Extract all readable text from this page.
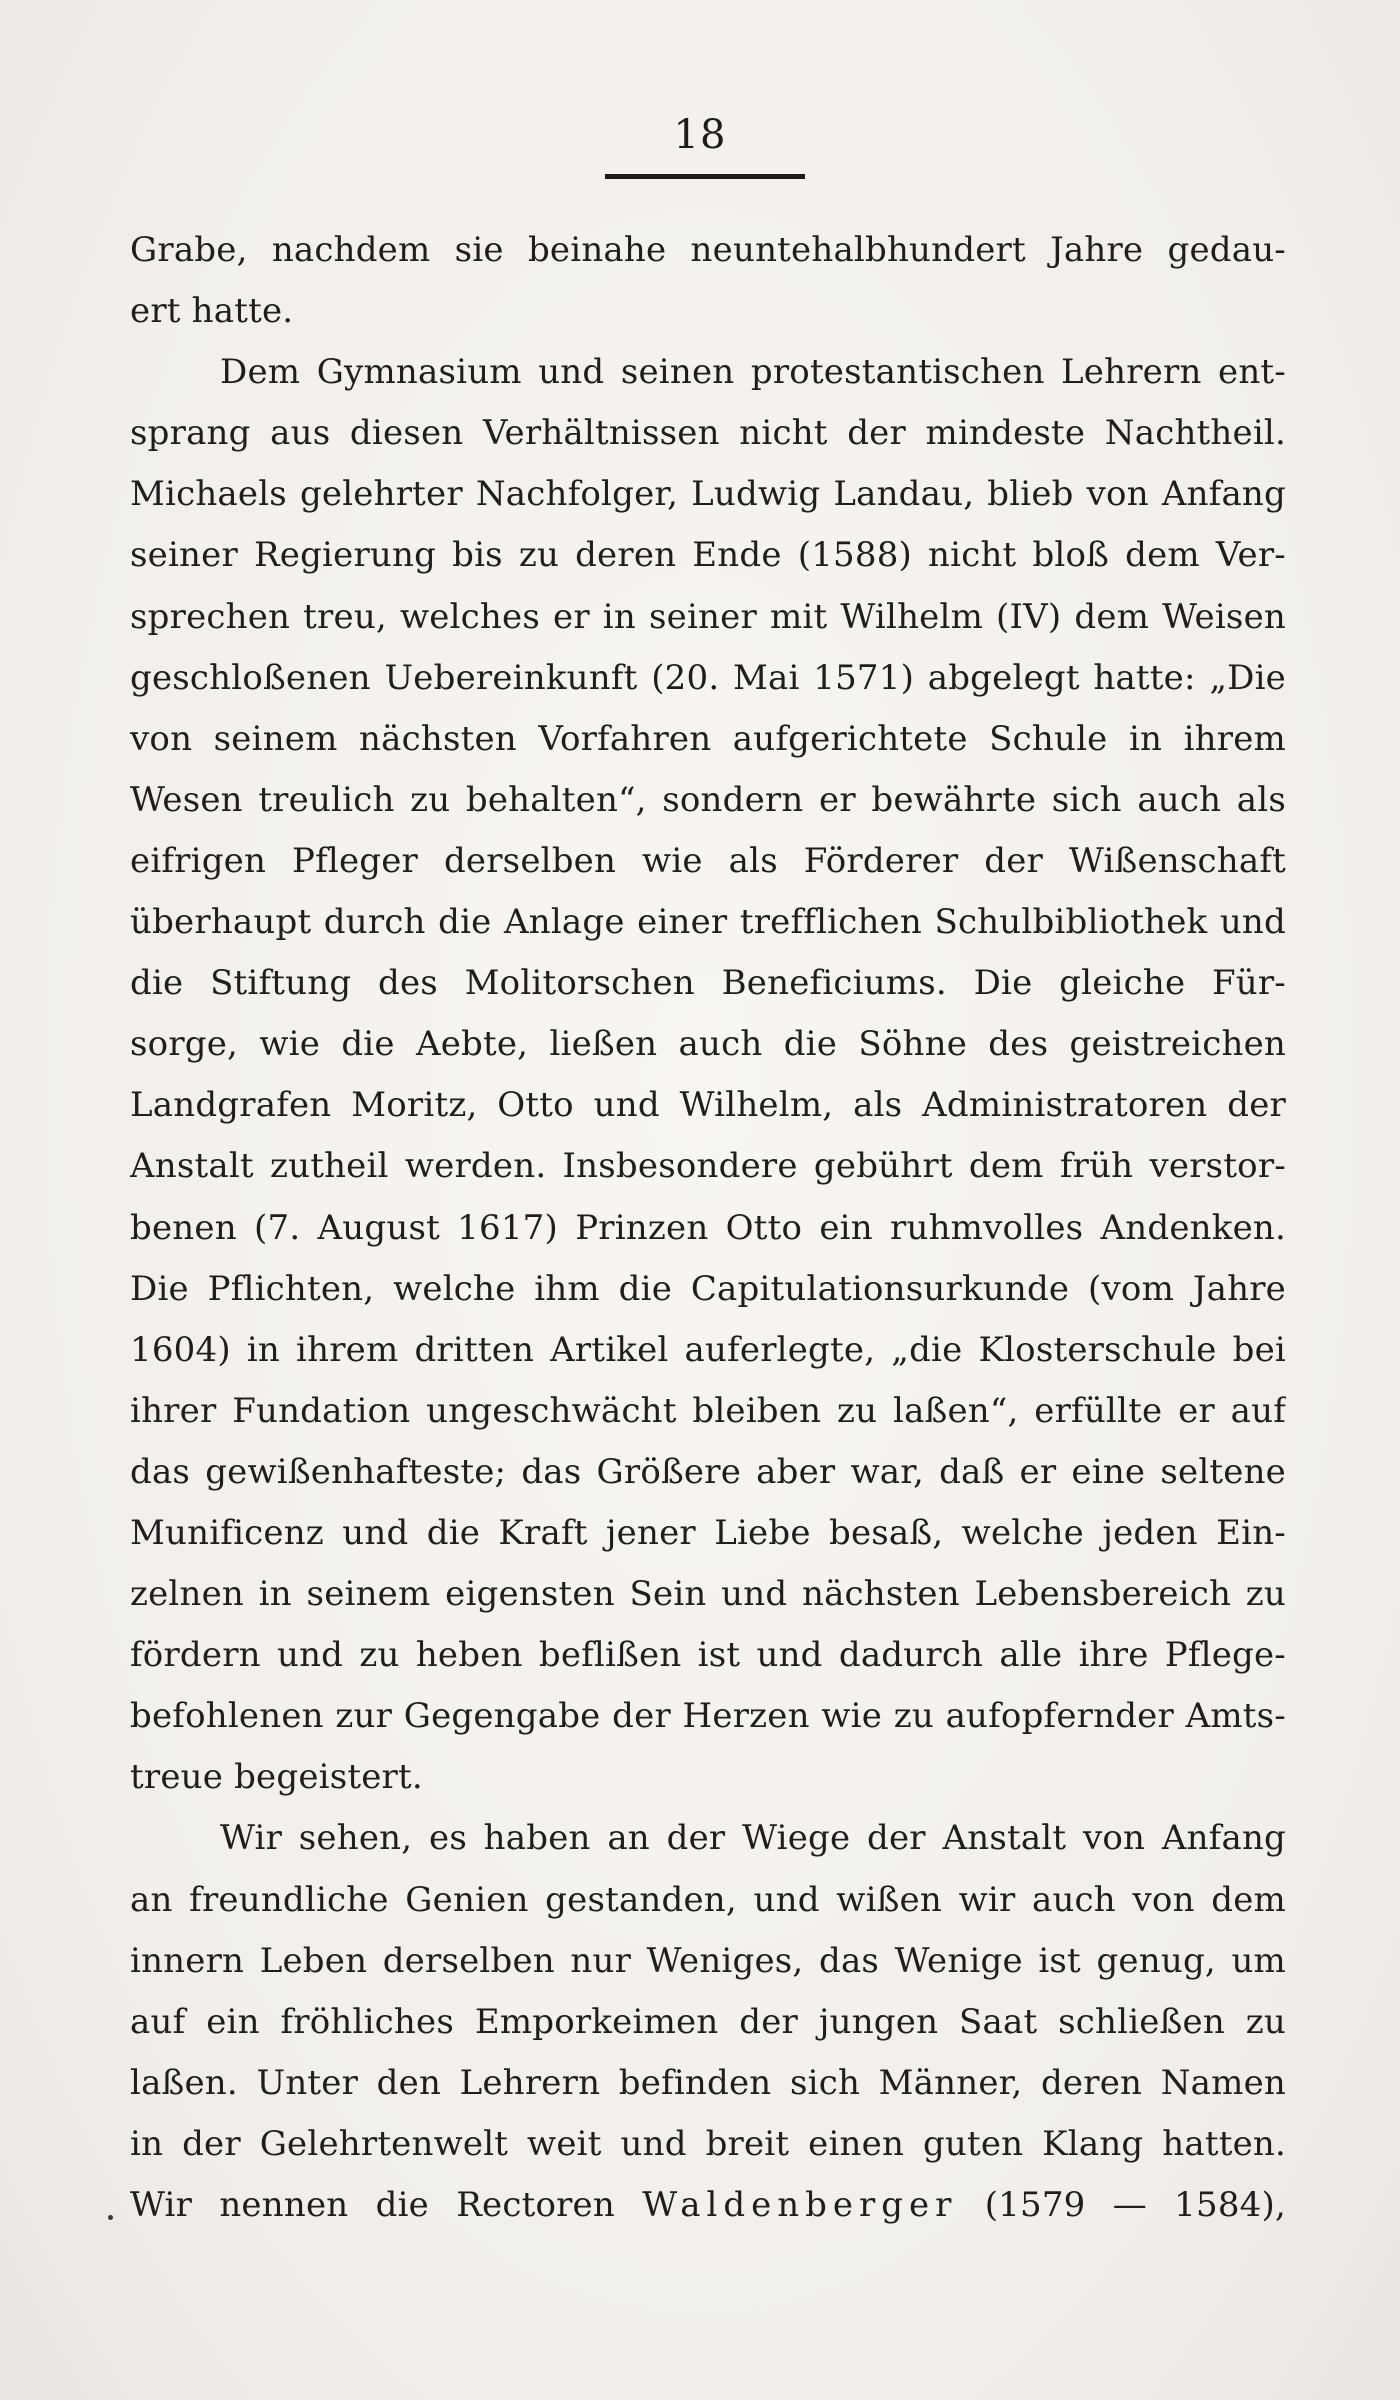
18
Grabe, nachdem sie beinahe neuntehalbhundert Jahre gedau-
ert hatte.
Dem Gymnasium und seinen protestantischen Lehrern ent-
sprang aus diesen Verhältnissen nicht der mindeste Nachtheil.
Michaels gelehrter Nachfolger, Ludwig Landau, blieb von Anfang
seiner Regierung bis zu deren Ende (1588) nicht bloß dem Ver-
sprechen treu, welches er in seiner mit Wilhelm (IV) dem Weisen
geschloßenen Uebereinkunft (20. Mai 1571) abgelegt hatte: „Die
von seinem nächsten Vorfahren aufgerichtete Schule in ihrem
Wesen treulich zu behalten“, sondern er bewährte sich auch als
eifrigen Pfleger derselben wie als Förderer der Wißenschaft
überhaupt durch die Anlage einer trefflichen Schulbibliothek und
die Stiftung des Molitorschen Beneficiums. Die gleiche Für-
sorge, wie die Aebte, ließen auch die Söhne des geistreichen
Landgrafen Moritz, Otto und Wilhelm, als Administratoren der
Anstalt zutheil werden. Insbesondere gebührt dem früh verstor-
benen (7. August 1617) Prinzen Otto ein ruhmvolles Andenken.
Die Pflichten, welche ihm die Capitulationsurkunde (vom Jahre
1604) in ihrem dritten Artikel auferlegte, „die Klosterschule bei
ihrer Fundation ungeschwächt bleiben zu laßen“, erfüllte er auf
das gewißenhafteste; das Größere aber war, daß er eine seltene
Munificenz und die Kraft jener Liebe besaß, welche jeden Ein-
zelnen in seinem eigensten Sein und nächsten Lebensbereich zu
fördern und zu heben beflißen ist und dadurch alle ihre Pflege-
befohlenen zur Gegengabe der Herzen wie zu aufopfernder Amts-
treue begeistert.
Wir sehen, es haben an der Wiege der Anstalt von Anfang
an freundliche Genien gestanden, und wißen wir auch von dem
innern Leben derselben nur Weniges, das Wenige ist genug, um
auf ein fröhliches Emporkeimen der jungen Saat schließen zu
laßen. Unter den Lehrern befinden sich Männer, deren Namen
in der Gelehrtenwelt weit und breit einen guten Klang hatten.
Wir nennen die Rectoren Waldenberger (1579 — 1584),
